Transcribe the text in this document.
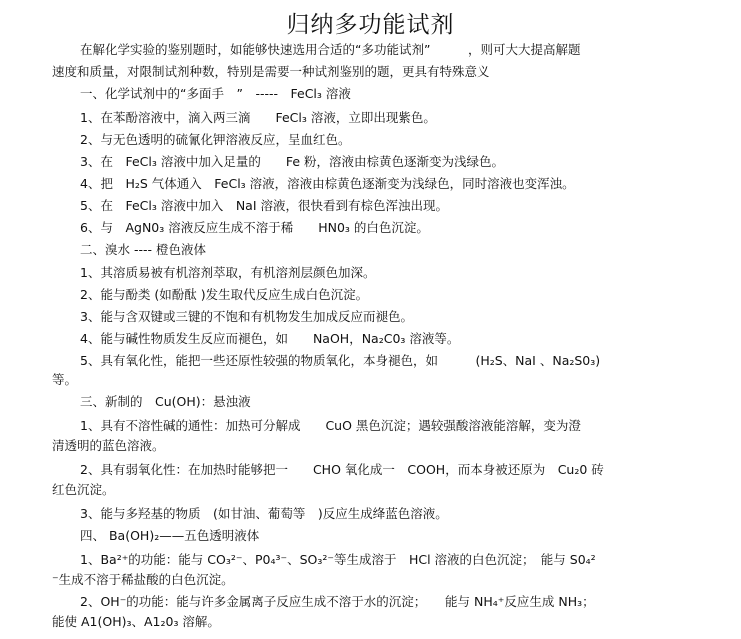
归纳多功能试剂
在解化学实验的鉴别题时，如能够快速选用合适的“多功能试剂”　　　，则可大大提高解题
速度和质量，对限制试剂种数，特别是需要一种试剂鉴别的题，更具有特殊意义
一、化学试剂中的“多面手　”　-----　FeCl₃ 溶液
1、在苯酚溶液中，滴入两三滴　　FeCl₃ 溶液，立即出现紫色。
2、与无色透明的硫氰化钾溶液反应，呈血红色。
3、在　FeCl₃ 溶液中加入足量的　　Fe 粉，溶液由棕黄色逐渐变为浅绿色。
4、把　H₂S 气体通入　FeCl₃ 溶液，溶液由棕黄色逐渐变为浅绿色，同时溶液也变浑浊。
5、在　FeCl₃ 溶液中加入　NaI 溶液，很快看到有棕色浑浊出现。
6、与　AgN0₃ 溶液反应生成不溶于稀　　HN0₃ 的白色沉淀。
二、溴水 ---- 橙色液体
1、其溶质易被有机溶剂萃取，有机溶剂层颜色加深。
2、能与酚类 (如酚酞 )发生取代反应生成白色沉淀。
3、能与含双键或三键的不饱和有机物发生加成反应而褪色。
4、能与碱性物质发生反应而褪色，如　　NaOH，Na₂C0₃ 溶液等。
5、具有氧化性，能把一些还原性较强的物质氧化，本身褪色，如　　　(H₂S、NaI 、Na₂S0₃)
等。
三、新制的　Cu(OH)：悬浊液
1、具有不溶性碱的通性：加热可分解成　　CuO 黑色沉淀；遇较强酸溶液能溶解，变为澄
清透明的蓝色溶液。
2、具有弱氧化性：在加热时能够把一　　CHO 氧化成一　COOH，而本身被还原为　Cu₂0 砖
红色沉淀。
3、能与多羟基的物质　(如甘油、葡萄等　)反应生成绛蓝色溶液。
四、 Ba(OH)₂——五色透明液体
1、Ba²⁺的功能：能与 CO₃²⁻、P0₄³⁻、SO₃²⁻等生成溶于　HCl 溶液的白色沉淀；　能与 S0₄²
⁻生成不溶于稀盐酸的白色沉淀。
2、OH⁻的功能：能与许多金属离子反应生成不溶于水的沉淀；　　能与 NH₄⁺反应生成 NH₃；
能使 A1(OH)₃、A1₂0₃ 溶解。
